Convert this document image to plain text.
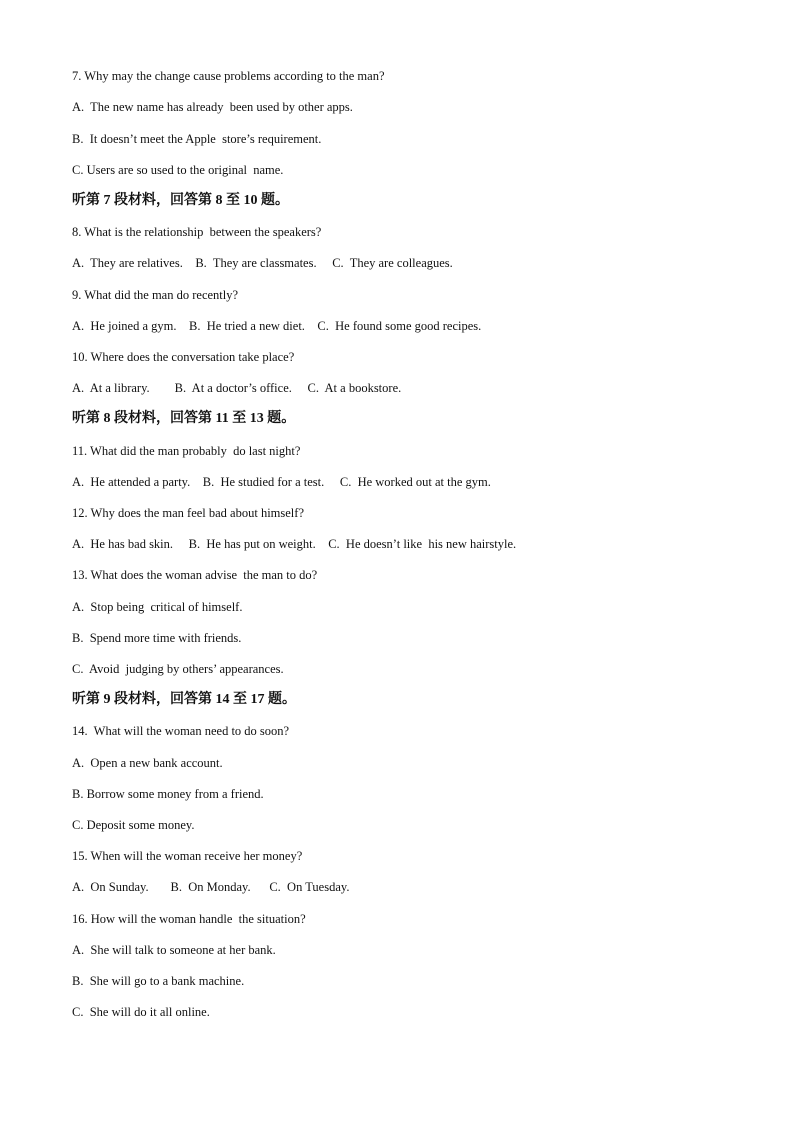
7. Why may the change cause problems according to the man?
A.  The new name has already  been used by other apps.
B.  It doesn’t meet the Apple  store’s requirement.
C. Users are so used to the original  name.
听第 7 段材料，回答第 8 至 10 题。
8. What is the relationship  between the speakers?
A.  They are relatives.    B.  They are classmates.     C.  They are colleagues.
9. What did the man do recently?
A.  He joined a gym.    B.  He tried a new diet.    C.  He found some good recipes.
10. Where does the conversation take place?
A.  At a library.        B.  At a doctor’s office.     C.  At a bookstore.
听第 8 段材料，回答第 11 至 13 题。
11. What did the man probably  do last night?
A.  He attended a party.    B.  He studied for a test.     C.  He worked out at the gym.
12. Why does the man feel bad about himself?
A.  He has bad skin.     B.  He has put on weight.    C.  He doesn’t like  his new hairstyle.
13. What does the woman advise  the man to do?
A.  Stop being  critical of himself.
B.  Spend more time with friends.
C.  Avoid  judging by others’ appearances.
听第 9 段材料，回答第 14 至 17 题。
14.  What will the woman need to do soon?
A.  Open a new bank account.
B. Borrow some money from a friend.
C. Deposit some money.
15. When will the woman receive her money?
A.  On Sunday.       B.  On Monday.      C.  On Tuesday.
16. How will the woman handle  the situation?
A.  She will talk to someone at her bank.
B.  She will go to a bank machine.
C.  She will do it all online.
